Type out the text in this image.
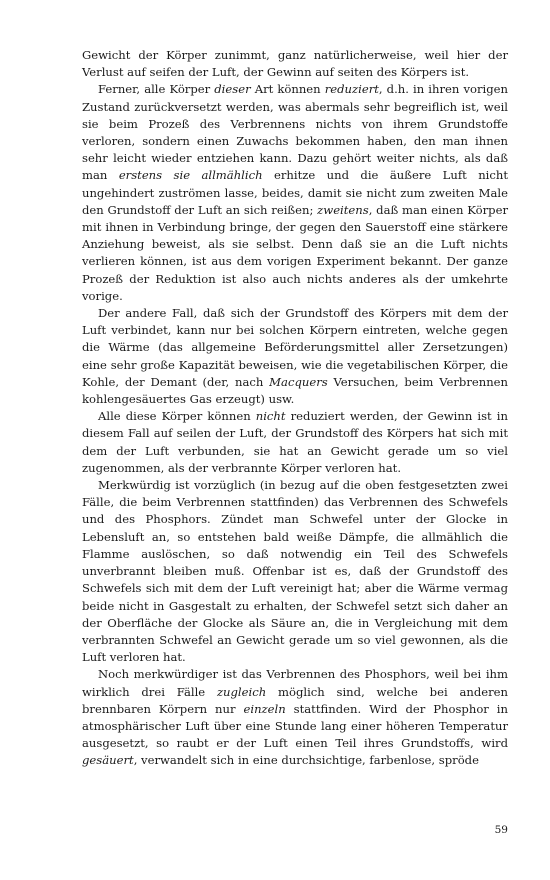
Gewicht der Körper zunimmt, ganz natürlicherweise, weil hier der Verlust auf seifen der Luft, der Gewinn auf seiten des Körpers ist.

Ferner, alle Körper dieser Art können reduziert, d.h. in ihren vorigen Zustand zurückversetzt werden, was abermals sehr begreiflich ist, weil sie beim Prozeß des Verbrennens nichts von ihrem Grundstoffe verloren, sondern einen Zuwachs bekommen haben, den man ihnen sehr leicht wieder entziehen kann. Dazu gehört weiter nichts, als daß man erstens sie allmählich erhitze und die äußere Luft nicht ungehindert zuströmen lasse, beides, damit sie nicht zum zweiten Male den Grundstoff der Luft an sich reißen; zweitens, daß man einen Körper mit ihnen in Verbindung bringe, der gegen den Sauerstoff eine stärkere Anziehung beweist, als sie selbst. Denn daß sie an die Luft nichts verlieren können, ist aus dem vorigen Experiment bekannt. Der ganze Prozeß der Reduktion ist also auch nichts anderes als der umkehrte vorige.

Der andere Fall, daß sich der Grundstoff des Körpers mit dem der Luft verbindet, kann nur bei solchen Körpern eintreten, welche gegen die Wärme (das allgemeine Beförderungsmittel aller Zersetzungen) eine sehr große Kapazität beweisen, wie die vegetabilischen Körper, die Kohle, der Demant (der, nach Macquers Versuchen, beim Verbrennen kohlengesäuertes Gas erzeugt) usw.

Alle diese Körper können nicht reduziert werden, der Gewinn ist in diesem Fall auf seilen der Luft, der Grundstoff des Körpers hat sich mit dem der Luft verbunden, sie hat an Gewicht gerade um so viel zugenommen, als der verbrannte Körper verloren hat.

Merkwürdig ist vorzüglich (in bezug auf die oben festgesetzten zwei Fälle, die beim Verbrennen stattfinden) das Verbrennen des Schwefels und des Phosphors. Zündet man Schwefel unter der Glocke in Lebensluft an, so entstehen bald weiße Dämpfe, die allmählich die Flamme auslöschen, so daß notwendig ein Teil des Schwefels unverbrannt bleiben muß. Offenbar ist es, daß der Grundstoff des Schwefels sich mit dem der Luft vereinigt hat; aber die Wärme vermag beide nicht in Gasgestalt zu erhalten, der Schwefel setzt sich daher an der Oberfläche der Glocke als Säure an, die in Vergleichung mit dem verbrannten Schwefel an Gewicht gerade um so viel gewonnen, als die Luft verloren hat.

Noch merkwürdiger ist das Verbrennen des Phosphors, weil bei ihm wirklich drei Fälle zugleich möglich sind, welche bei anderen brennbaren Körpern nur einzeln stattfinden. Wird der Phosphor in atmosphärischer Luft über eine Stunde lang einer höheren Temperatur ausgesetzt, so raubt er der Luft einen Teil ihres Grundstoffs, wird gesäuert, verwandelt sich in eine durchsichtige, farbenlose, spröde

59
